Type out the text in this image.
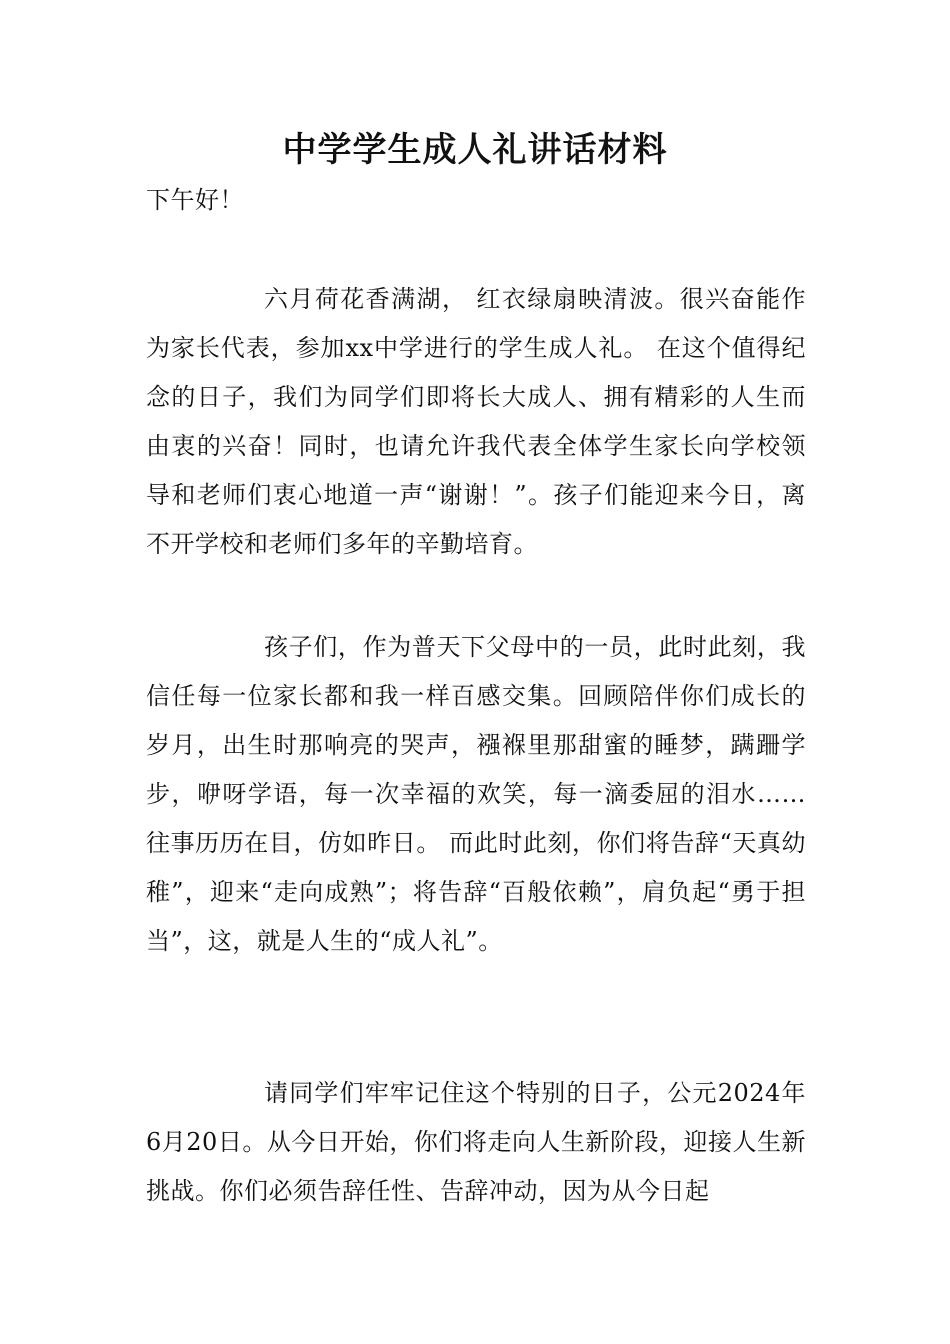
中学学生成人礼讲话材料
下午好！
六月荷花香满湖， 红衣绿扇映清波。很兴奋能作为家长代表，参加xx中学进行的学生成人礼。 在这个值得纪念的日子，我们为同学们即将长大成人、拥有精彩的人生而由衷的兴奋！同时，也请允许我代表全体学生家长向学校领导和老师们衷心地道一声“谢谢！”。孩子们能迎来今日，离不开学校和老师们多年的辛勤培育。
孩子们，作为普天下父母中的一员，此时此刻，我信任每一位家长都和我一样百感交集。回顾陪伴你们成长的岁月，出生时那响亮的哭声，襁褓里那甜蜜的睡梦，蹒跚学步，咿呀学语，每一次幸福的欢笑，每一滴委屈的泪水…… 往事历历在目，仿如昨日。 而此时此刻，你们将告辞“天真幼稚”，迎来“走向成熟”；将告辞“百般依赖”，肩负起“勇于担当”，这，就是人生的“成人礼”。
请同学们牢牢记住这个特别的日子，公元2024年6月20日。从今日开始，你们将走向人生新阶段，迎接人生新挑战。你们必须告辞任性、告辞冲动，因为从今日起
